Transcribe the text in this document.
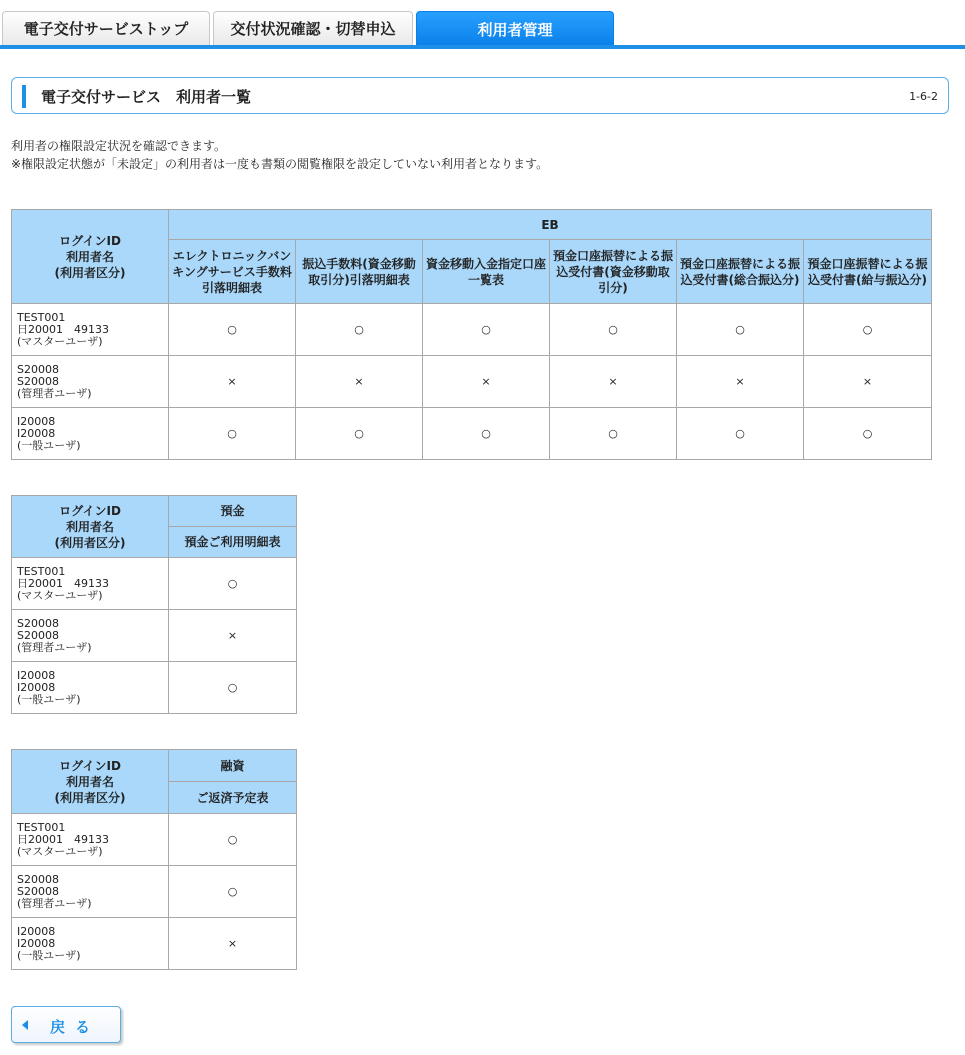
電子交付サービストップ	交付状況確認・切替申込	利用者管理
電子交付サービス　利用者一覧	1-6-2
利用者の権限設定状況を確認できます。
※権限設定状態が「未設定」の利用者は一度も書類の閲覧権限を設定していない利用者となります。
ログインID
利用者名
(利用者区分)	EB					
	エレクトロニックバンキングサービス手数料引落明細表	振込手数料(資金移動取引分)引落明細表	資金移動入金指定口座一覧表	預金口座振替による振込受付書(資金移動取引分)	預金口座振替による振込受付書(総合振込分)	預金口座振替による振込受付書(給与振込分)

TEST001
日20001　49133
(マスターユーザ)	○	○	○	○	○	○

S20008
S20008
(管理者ユーザ)	×	×	×	×	×	×

I20008
I20008
(一般ユーザ)	○	○	○	○	○	○
ログインID
利用者名
(利用者区分)	預金
	預金ご利用明細表

TEST001
日20001　49133
(マスターユーザ)	○

S20008
S20008
(管理者ユーザ)	×

I20008
I20008
(一般ユーザ)	○
ログインID
利用者名
(利用者区分)	融資
	ご返済予定表

TEST001
日20001　49133
(マスターユーザ)	○

S20008
S20008
(管理者ユーザ)	○

I20008
I20008
(一般ユーザ)	×
戻る
